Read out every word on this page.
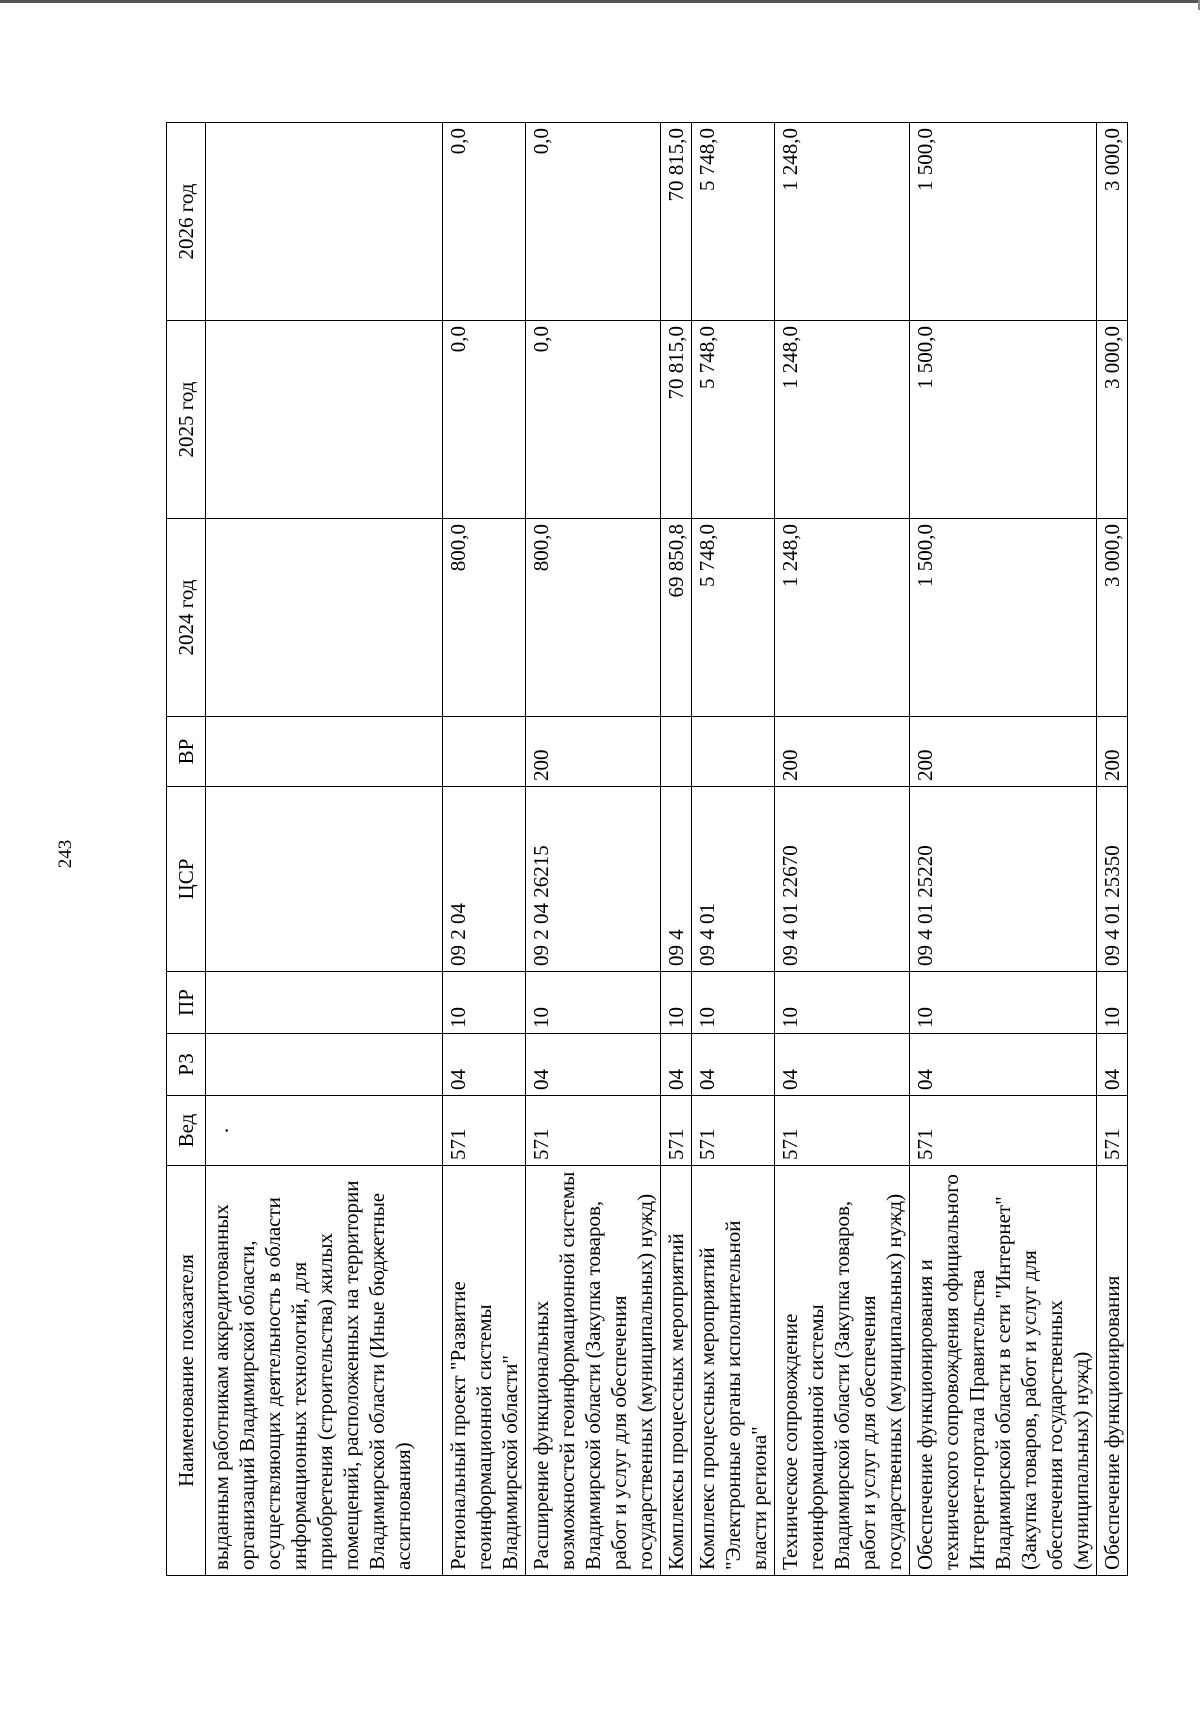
243
Наименование показателя	Вед	РЗ	ПР	ЦСР	ВР	2024 год	2025 год	2026 год
выданным работникам аккредитованных организаций Владимирской области, осуществляющих деятельность в области информационных технологий, для приобретения (строительства) жилых помещений, расположенных на территории Владимирской области (Иные бюджетные ассигнования)	.							
Региональный проект "Развитие геоинформационной системы Владимирской области"	571	04	10	09 2 04		800,0	0,0	0,0
Расширение функциональных возможностей геоинформационной системы Владимирской области (Закупка товаров, работ и услуг для обеспечения государственных (муниципальных) нужд)	571	04	10	09 2 04 26215	200	800,0	0,0	0,0
Комплексы процессных мероприятий	571	04	10	09 4		69 850,8	70 815,0	70 815,0
Комплекс процессных мероприятий "Электронные органы исполнительной власти региона"	571	04	10	09 4 01		5 748,0	5 748,0	5 748,0
Техническое сопровождение геоинформационной системы Владимирской области (Закупка товаров, работ и услуг для обеспечения государственных (муниципальных) нужд)	571	04	10	09 4 01 22670	200	1 248,0	1 248,0	1 248,0
Обеспечение функционирования и технического сопровождения официального Интернет-портала Правительства Владимирской области в сети "Интернет" (Закупка товаров, работ и услуг для обеспечения государственных (муниципальных) нужд)	571	04	10	09 4 01 25220	200	1 500,0	1 500,0	1 500,0
Обеспечение функционирования	571	04	10	09 4 01 25350	200	3 000,0	3 000,0	3 000,0
